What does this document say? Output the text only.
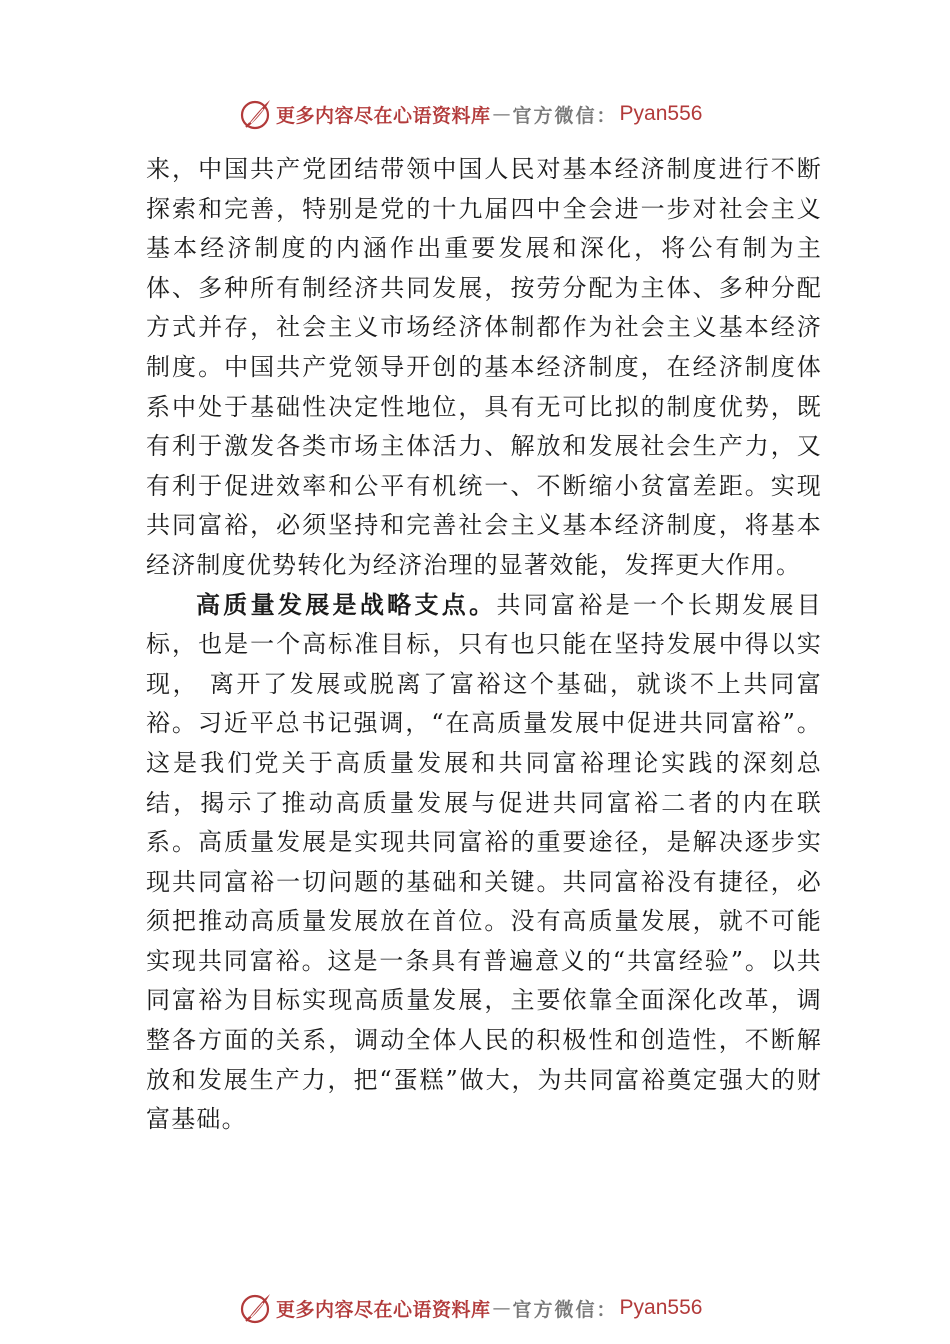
更多内容尽在心语资料库 — 官方微信： Pyan556

来，中国共产党团结带领中国人民对基本经济制度进行不断探索和完善，特别是党的十九届四中全会进一步对社会主义基本经济制度的内涵作出重要发展和深化，将公有制为主体、多种所有制经济共同发展，按劳分配为主体、多种分配方式并存，社会主义市场经济体制都作为社会主义基本经济制度。中国共产党领导开创的基本经济制度，在经济制度体系中处于基础性决定性地位，具有无可比拟的制度优势，既有利于激发各类市场主体活力、解放和发展社会生产力，又有利于促进效率和公平有机统一、不断缩小贫富差距。实现共同富裕，必须坚持和完善社会主义基本经济制度，将基本经济制度优势转化为经济治理的显著效能，发挥更大作用。

高质量发展是战略支点。共同富裕是一个长期发展目标，也是一个高标准目标，只有也只能在坚持发展中得以实现， 离开了发展或脱离了富裕这个基础，就谈不上共同富裕。习近平总书记强调，“在高质量发展中促进共同富裕”。这是我们党关于高质量发展和共同富裕理论实践的深刻总结，揭示了推动高质量发展与促进共同富裕二者的内在联系。高质量发展是实现共同富裕的重要途径，是解决逐步实现共同富裕一切问题的基础和关键。共同富裕没有捷径，必须把推动高质量发展放在首位。没有高质量发展，就不可能实现共同富裕。这是一条具有普遍意义的“共富经验”。以共同富裕为目标实现高质量发展，主要依靠全面深化改革，调整各方面的关系，调动全体人民的积极性和创造性，不断解放和发展生产力，把“蛋糕”做大，为共同富裕奠定强大的财富基础。

更多内容尽在心语资料库 — 官方微信： Pyan556
